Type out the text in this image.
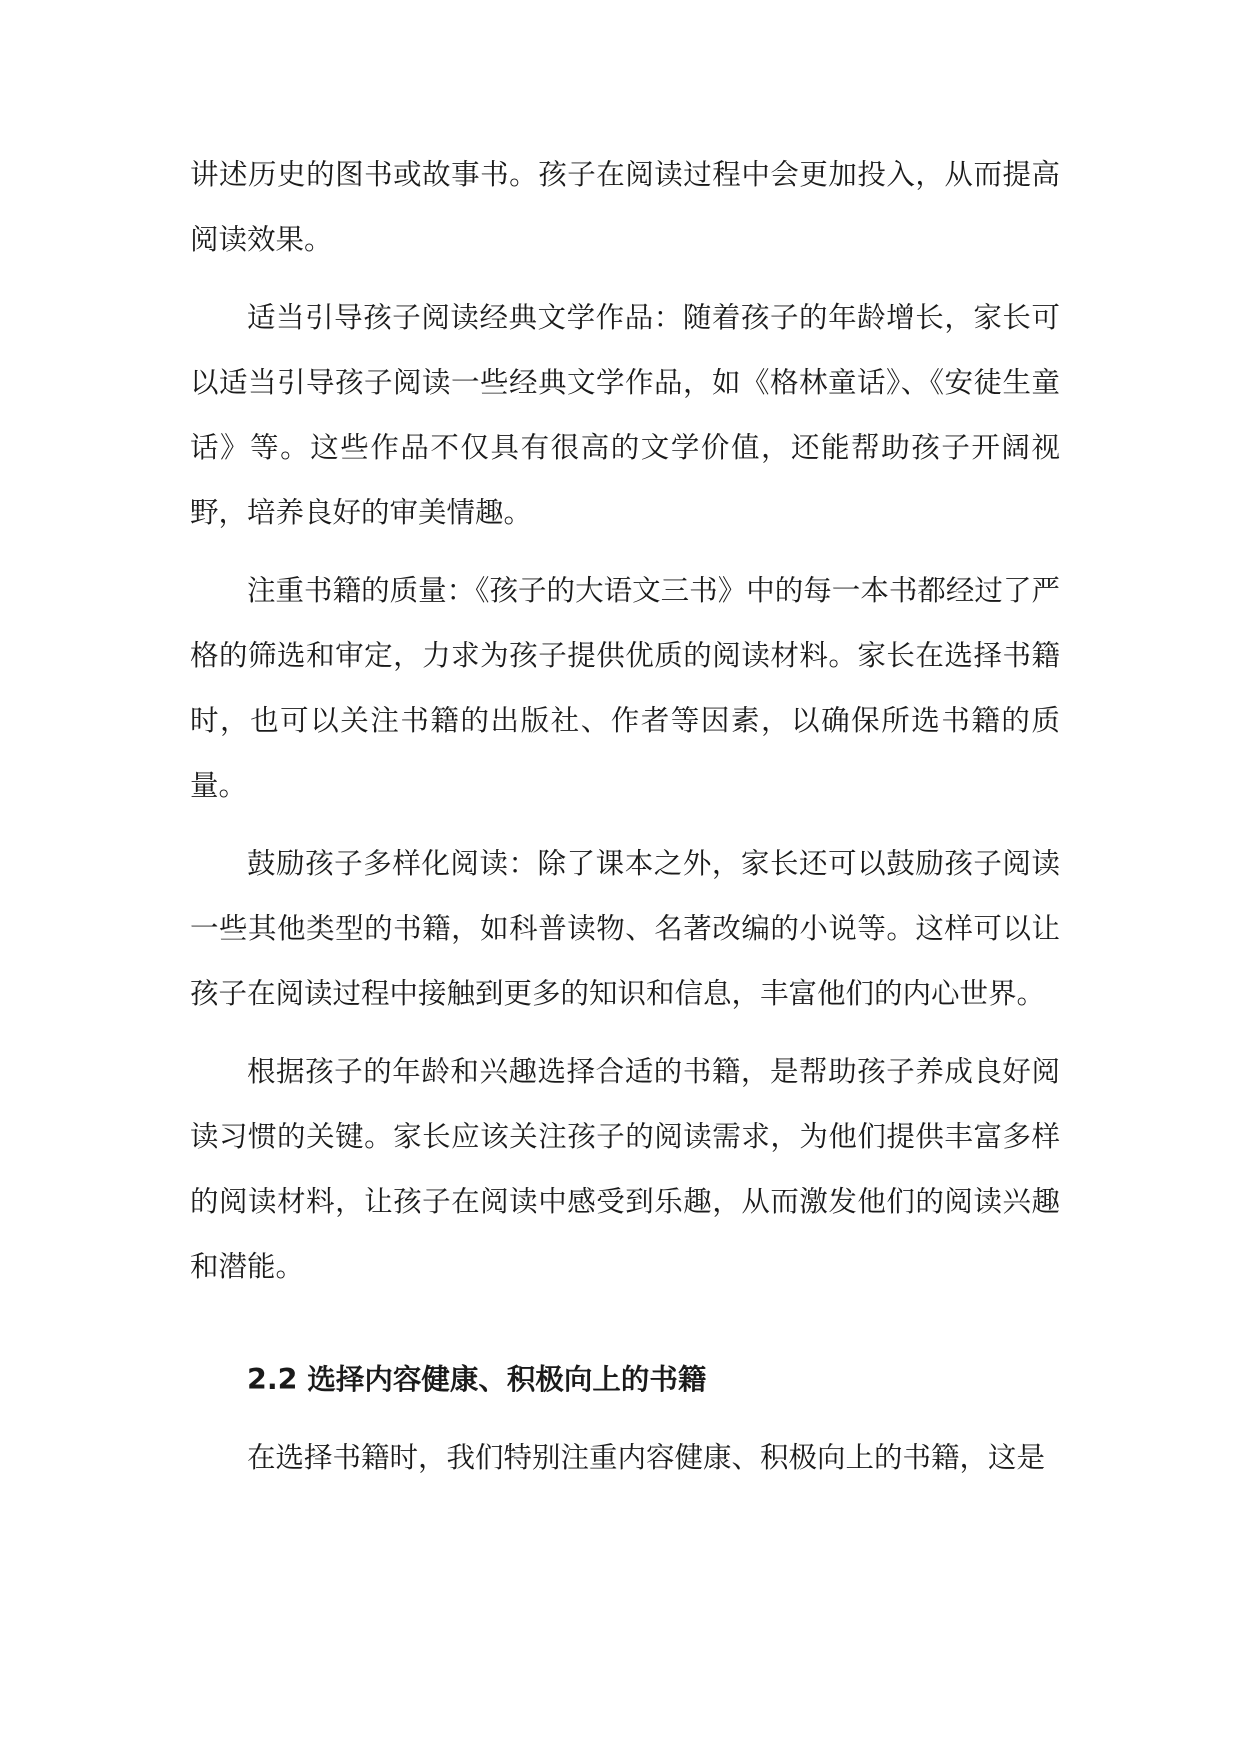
讲述历史的图书或故事书。孩子在阅读过程中会更加投入，从而提高阅读效果。

适当引导孩子阅读经典文学作品：随着孩子的年龄增长，家长可以适当引导孩子阅读一些经典文学作品，如《格林童话》、《安徒生童话》等。这些作品不仅具有很高的文学价值，还能帮助孩子开阔视野，培养良好的审美情趣。

注重书籍的质量：《孩子的大语文三书》中的每一本书都经过了严格的筛选和审定，力求为孩子提供优质的阅读材料。家长在选择书籍时，也可以关注书籍的出版社、作者等因素，以确保所选书籍的质量。

鼓励孩子多样化阅读：除了课本之外，家长还可以鼓励孩子阅读一些其他类型的书籍，如科普读物、名著改编的小说等。这样可以让孩子在阅读过程中接触到更多的知识和信息，丰富他们的内心世界。

根据孩子的年龄和兴趣选择合适的书籍，是帮助孩子养成良好阅读习惯的关键。家长应该关注孩子的阅读需求，为他们提供丰富多样的阅读材料，让孩子在阅读中感受到乐趣，从而激发他们的阅读兴趣和潜能。

2.2 选择内容健康、积极向上的书籍

在选择书籍时，我们特别注重内容健康、积极向上的书籍，这是
